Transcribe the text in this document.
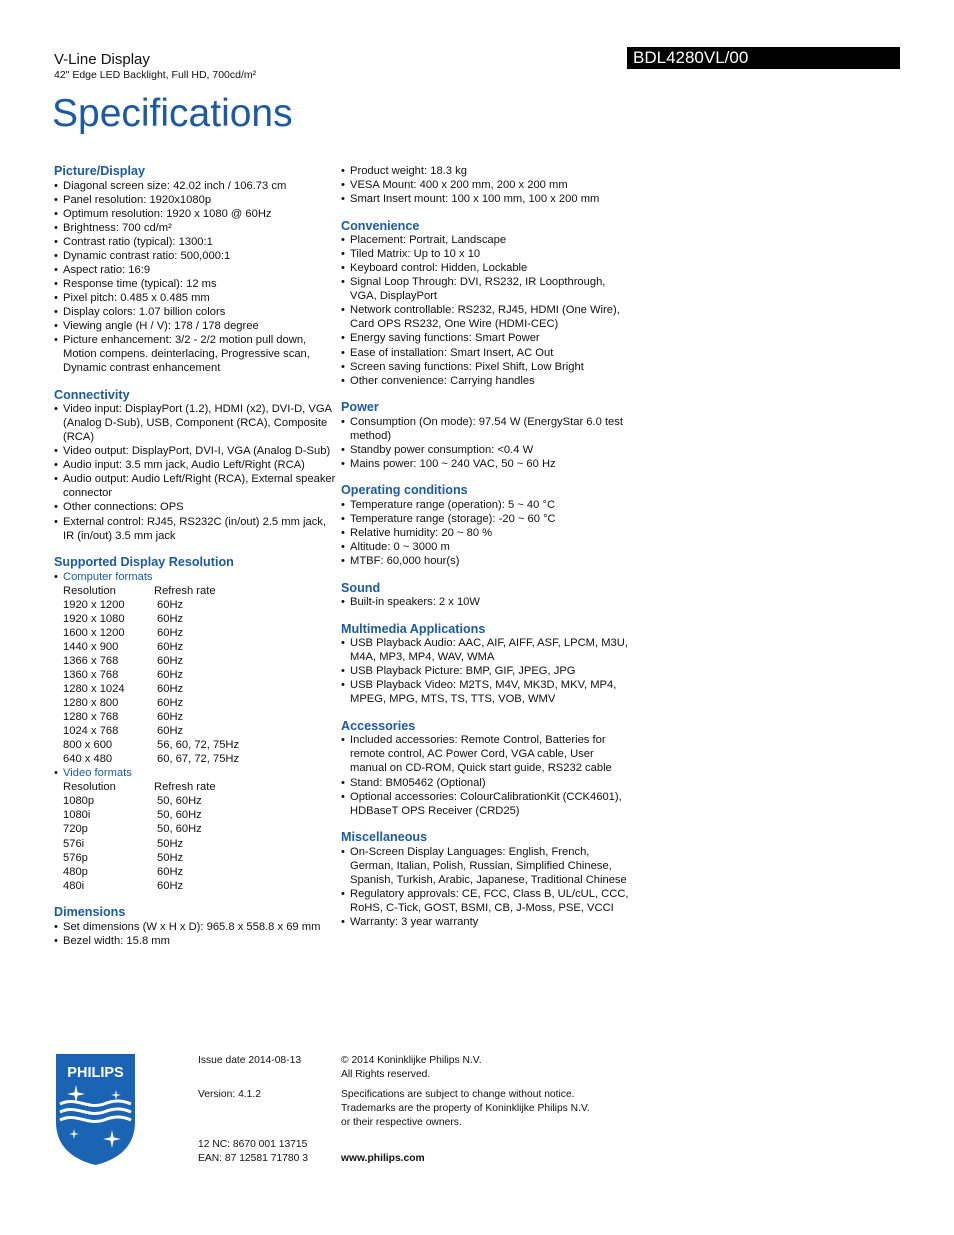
V-Line Display
42" Edge LED Backlight, Full HD, 700cd/m²
BDL4280VL/00
Specifications
Picture/Display
• Diagonal screen size: 42.02 inch / 106.73 cm
• Panel resolution: 1920x1080p
• Optimum resolution: 1920 x 1080 @ 60Hz
• Brightness: 700 cd/m²
• Contrast ratio (typical): 1300:1
• Dynamic contrast ratio: 500,000:1
• Aspect ratio: 16:9
• Response time (typical): 12 ms
• Pixel pitch: 0.485 x 0.485 mm
• Display colors: 1.07 billion colors
• Viewing angle (H / V): 178 / 178 degree
• Picture enhancement: 3/2 - 2/2 motion pull down, Motion compens. deinterlacing, Progressive scan, Dynamic contrast enhancement
Connectivity
• Video input: DisplayPort (1.2), HDMI (x2), DVI-D, VGA (Analog D-Sub), USB, Component (RCA), Composite (RCA)
• Video output: DisplayPort, DVI-I, VGA (Analog D-Sub)
• Audio input: 3.5 mm jack, Audio Left/Right (RCA)
• Audio output: Audio Left/Right (RCA), External speaker connector
• Other connections: OPS
• External control: RJ45, RS232C (in/out) 2.5 mm jack, IR (in/out) 3.5 mm jack
Supported Display Resolution
• Computer formats
Resolution	Refresh rate
1920 x 1200	60Hz
1920 x 1080	60Hz
1600 x 1200	60Hz
1440 x 900	60Hz
1366 x 768	60Hz
1360 x 768	60Hz
1280 x 1024	60Hz
1280 x 800	60Hz
1280 x 768	60Hz
1024 x 768	60Hz
800 x 600	56, 60, 72, 75Hz
640 x 480	60, 67, 72, 75Hz
• Video formats
Resolution	Refresh rate
1080p	50, 60Hz
1080i	50, 60Hz
720p	50, 60Hz
576i	50Hz
576p	50Hz
480p	60Hz
480i	60Hz
Dimensions
• Set dimensions (W x H x D): 965.8 x 558.8 x 69 mm
• Bezel width: 15.8 mm
• Product weight: 18.3 kg
• VESA Mount: 400 x 200 mm, 200 x 200 mm
• Smart Insert mount: 100 x 100 mm, 100 x 200 mm
Convenience
• Placement: Portrait, Landscape
• Tiled Matrix: Up to 10 x 10
• Keyboard control: Hidden, Lockable
• Signal Loop Through: DVI, RS232, IR Loopthrough, VGA, DisplayPort
• Network controllable: RS232, RJ45, HDMI (One Wire), Card OPS RS232, One Wire (HDMI-CEC)
• Energy saving functions: Smart Power
• Ease of installation: Smart Insert, AC Out
• Screen saving functions: Pixel Shift, Low Bright
• Other convenience: Carrying handles
Power
• Consumption (On mode): 97.54 W (EnergyStar 6.0 test method)
• Standby power consumption: <0.4 W
• Mains power: 100 ~ 240 VAC, 50 ~ 60 Hz
Operating conditions
• Temperature range (operation): 5 ~ 40 °C
• Temperature range (storage): -20 ~ 60 °C
• Relative humidity: 20 ~ 80 %
• Altitude: 0 ~ 3000 m
• MTBF: 60,000 hour(s)
Sound
• Built-in speakers: 2 x 10W
Multimedia Applications
• USB Playback Audio: AAC, AIF, AIFF, ASF, LPCM, M3U, M4A, MP3, MP4, WAV, WMA
• USB Playback Picture: BMP, GIF, JPEG, JPG
• USB Playback Video: M2TS, M4V, MK3D, MKV, MP4, MPEG, MPG, MTS, TS, TTS, VOB, WMV
Accessories
• Included accessories: Remote Control, Batteries for remote control, AC Power Cord, VGA cable, User manual on CD-ROM, Quick start guide, RS232 cable
• Stand: BM05462 (Optional)
• Optional accessories: ColourCalibrationKit (CCK4601), HDBaseT OPS Receiver (CRD25)
Miscellaneous
• On-Screen Display Languages: English, French, German, Italian, Polish, Russian, Simplified Chinese, Spanish, Turkish, Arabic, Japanese, Traditional Chinese
• Regulatory approvals: CE, FCC, Class B, UL/cUL, CCC, RoHS, C-Tick, GOST, BSMI, CB, J-Moss, PSE, VCCI
• Warranty: 3 year warranty
PHILIPS
Issue date 2014-08-13
Version: 4.1.2
12 NC: 8670 001 13715
EAN: 87 12581 71780 3
© 2014 Koninklijke Philips N.V.
All Rights reserved.
Specifications are subject to change without notice.
Trademarks are the property of Koninklijke Philips N.V.
or their respective owners.
www.philips.com
